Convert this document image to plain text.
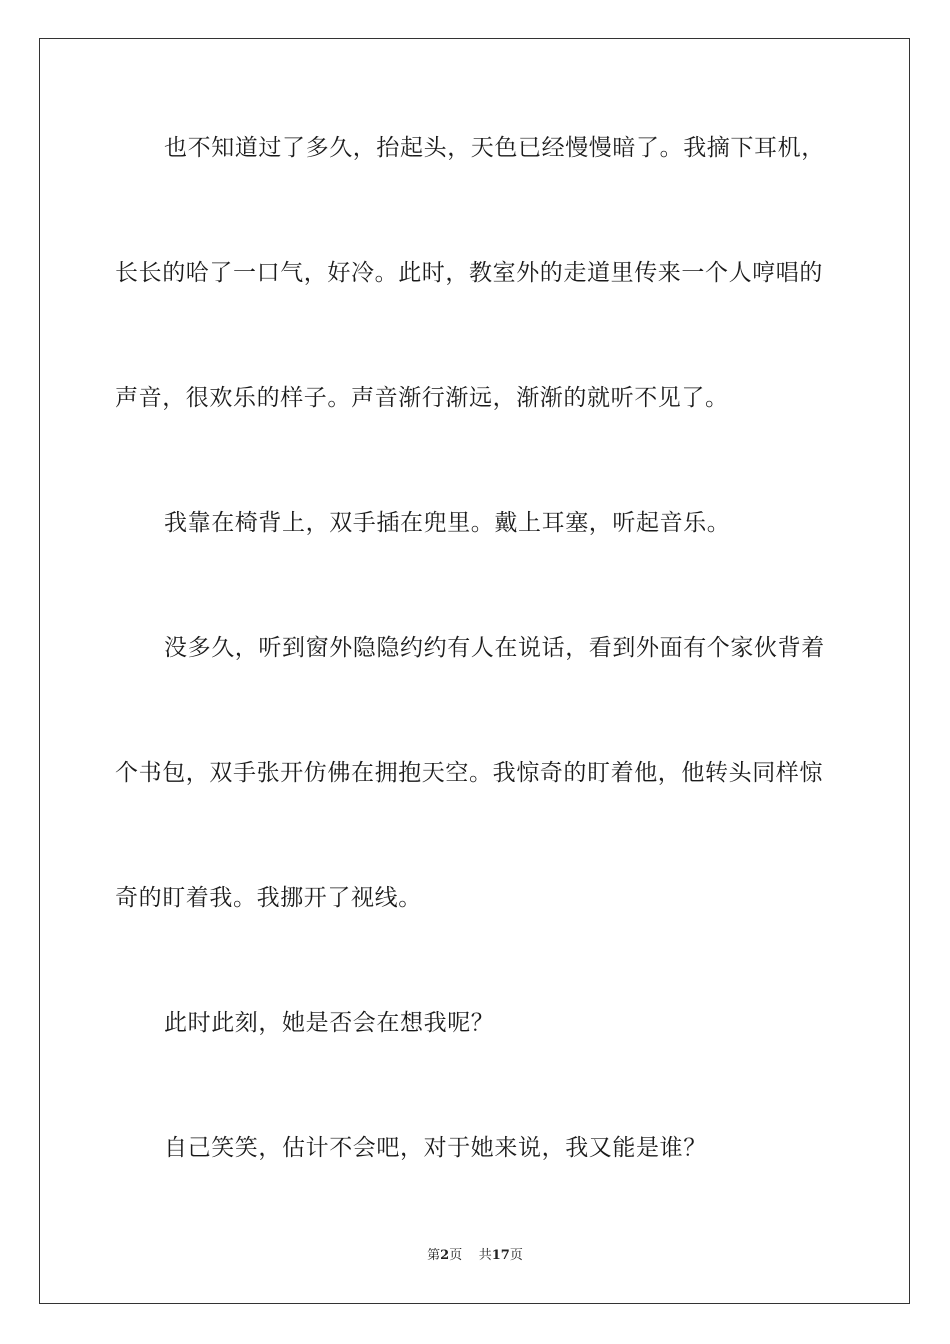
也不知道过了多久，抬起头，天色已经慢慢暗了。我摘下耳机，
长长的哈了一口气，好冷。此时，教室外的走道里传来一个人哼唱的
声音，很欢乐的样子。声音渐行渐远，渐渐的就听不见了。
我靠在椅背上，双手插在兜里。戴上耳塞，听起音乐。
没多久，听到窗外隐隐约约有人在说话，看到外面有个家伙背着
个书包，双手张开仿佛在拥抱天空。我惊奇的盯着他，他转头同样惊
奇的盯着我。我挪开了视线。
此时此刻，她是否会在想我呢？
自己笑笑，估计不会吧，对于她来说，我又能是谁？
第2页 共17页
